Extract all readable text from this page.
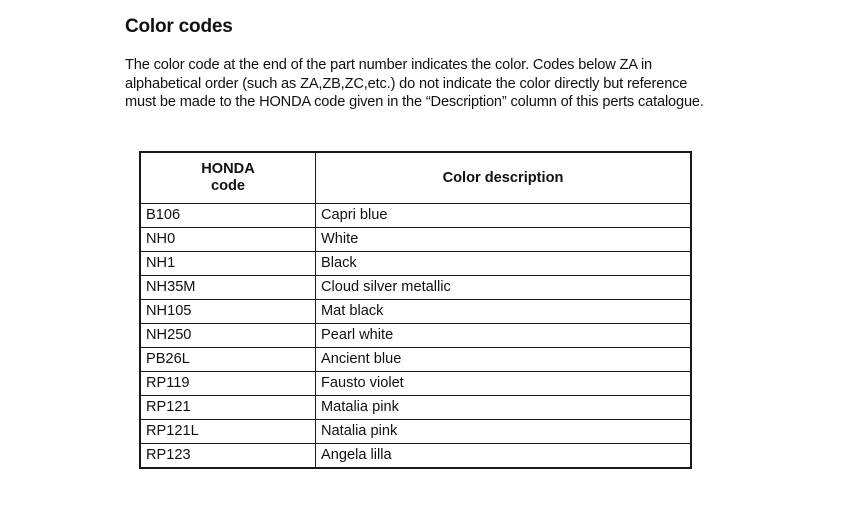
Color codes

The color code at the end of the part number indicates the color. Codes below ZA in alphabetical order (such as ZA,ZB,ZC,etc.) do not indicate the color directly but reference must be made to the HONDA code given in the “Description” column of this perts catalogue.

HONDA
code	Color description
B106	Capri blue
NH0	White
NH1	Black
NH35M	Cloud silver metallic
NH105	Mat black
NH250	Pearl white
PB26L	Ancient blue
RP119	Fausto violet
RP121	Matalia pink
RP121L	Natalia pink
RP123	Angela lilla
